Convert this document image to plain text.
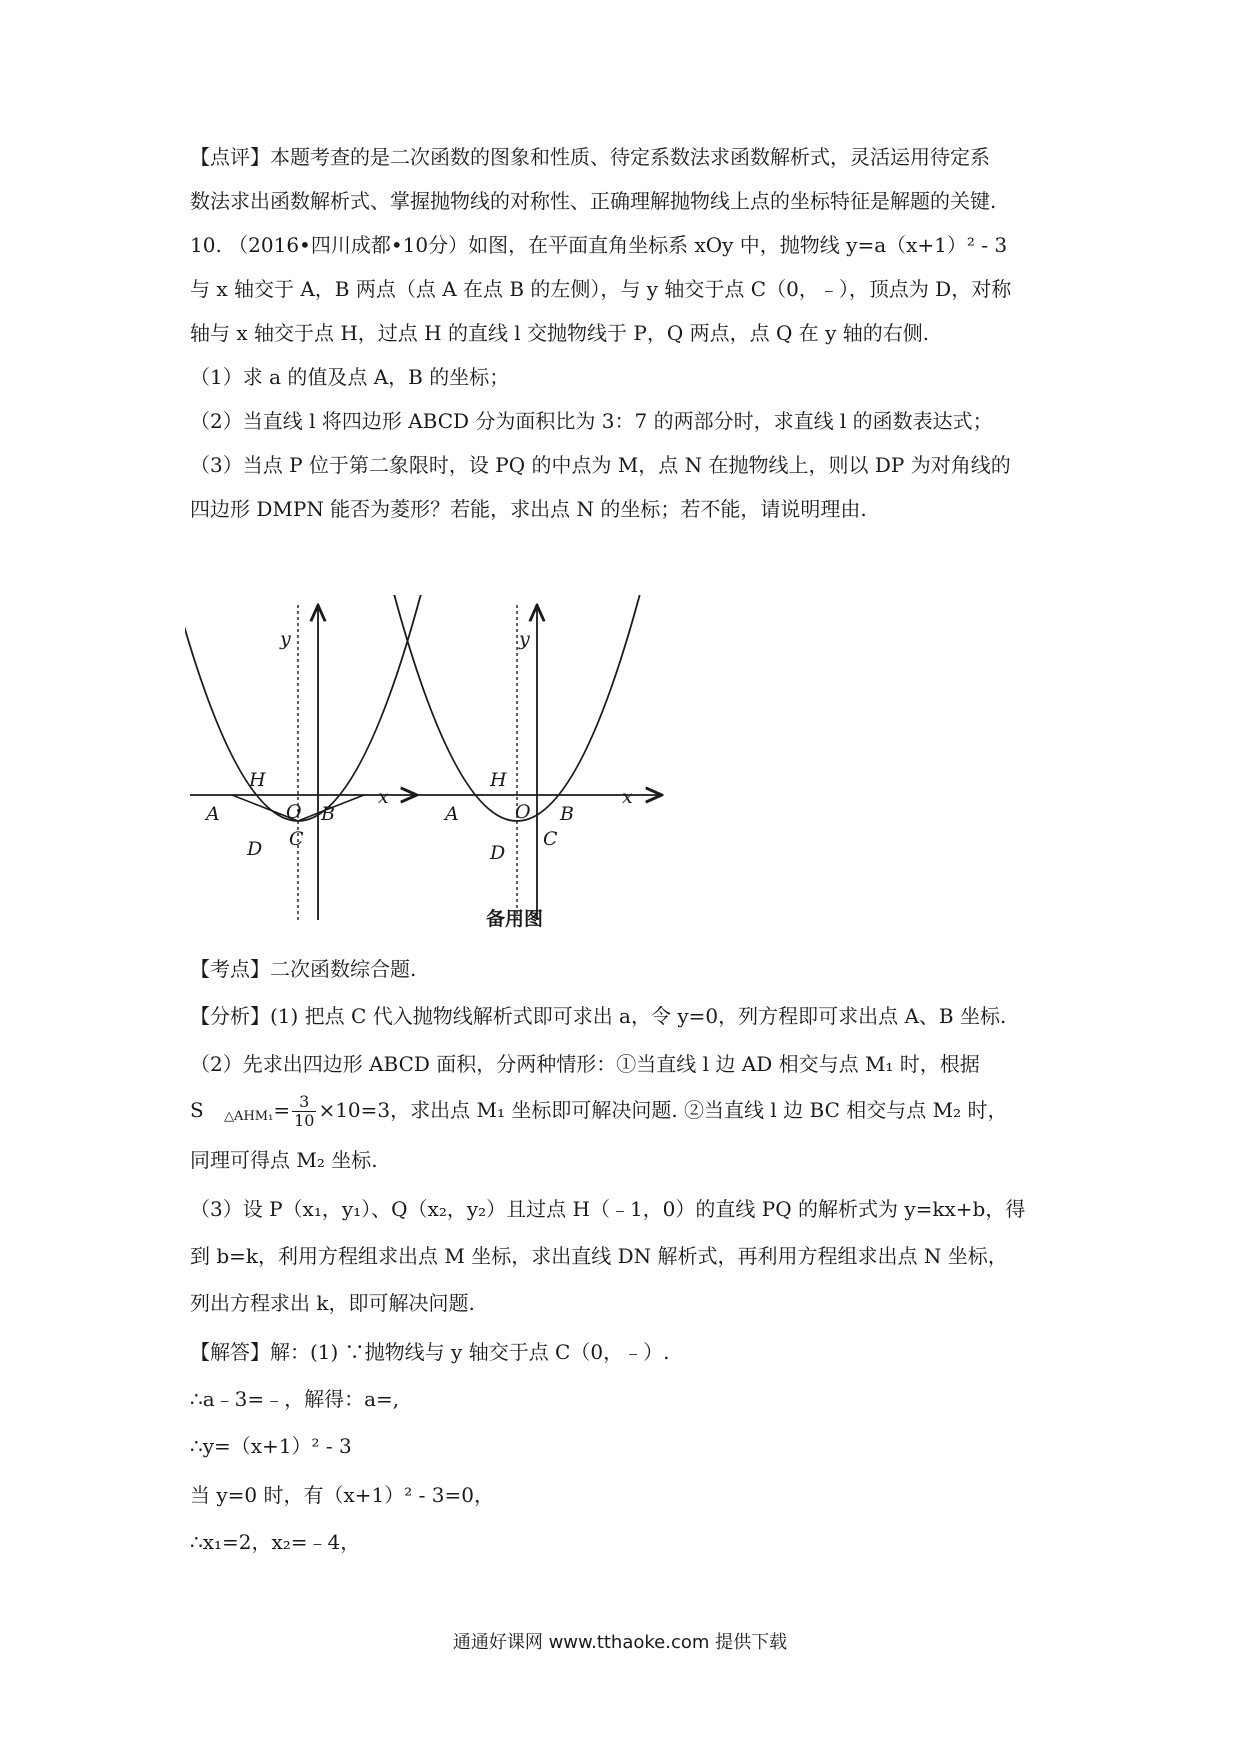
【点评】本题考查的是二次函数的图象和性质、待定系数法求函数解析式，灵活运用待定系
数法求出函数解析式、掌握抛物线的对称性、正确理解抛物线上点的坐标特征是解题的关键.
10. （2016•四川成都•10分）如图，在平面直角坐标系 xOy 中，抛物线 y=a（x+1）² - 3
与 x 轴交于 A，B 两点（点 A 在点 B 的左侧），与 y 轴交于点 C（0，﹣），顶点为 D，对称
轴与 x 轴交于点 H，过点 H 的直线 l 交抛物线于 P，Q 两点，点 Q 在 y 轴的右侧.
（1）求 a 的值及点 A，B 的坐标；
（2）当直线 l 将四边形 ABCD 分为面积比为 3：7 的两部分时，求直线 l 的函数表达式；
（3）当点 P 位于第二象限时，设 PQ 的中点为 M，点 N 在抛物线上，则以 DP 为对角线的
四边形 DMPN 能否为菱形？若能，求出点 N 的坐标；若不能，请说明理由.
y
x
H
O
A	B
D C
y
x
H
O
A	B
D
C
备用图
【考点】二次函数综合题.
【分析】(1) 把点 C 代入抛物线解析式即可求出 a，令 y=0，列方程即可求出点 A、B 坐标.
（2）先求出四边形 ABCD 面积，分两种情形：①当直线 l 边 AD 相交与点 M₁ 时，根据
S $_{\triangle AHM_1}= \frac{3}{10} \times 10=3$，求出点 M₁ 坐标即可解决问题. ②当直线 l 边 BC 相交与点 M₂ 时，
同理可得点 M₂ 坐标.
（3）设 P（x₁，y₁）、Q（x₂，y₂）且过点 H（﹣1，0）的直线 PQ 的解析式为 y=kx+b，得
到 b=k，利用方程组求出点 M 坐标，求出直线 DN 解析式，再利用方程组求出点 N 坐标，
列出方程求出 k，即可解决问题.
【解答】解：(1) ∵抛物线与 y 轴交于点 C（0，﹣）.
∴a﹣3=﹣，解得：a=,
∴y=（x+1）² - 3
当 y=0 时，有（x+1）² - 3=0，
∴x₁=2，x₂=﹣4，
通通好课网 www.tthaoke.com 提供下载
